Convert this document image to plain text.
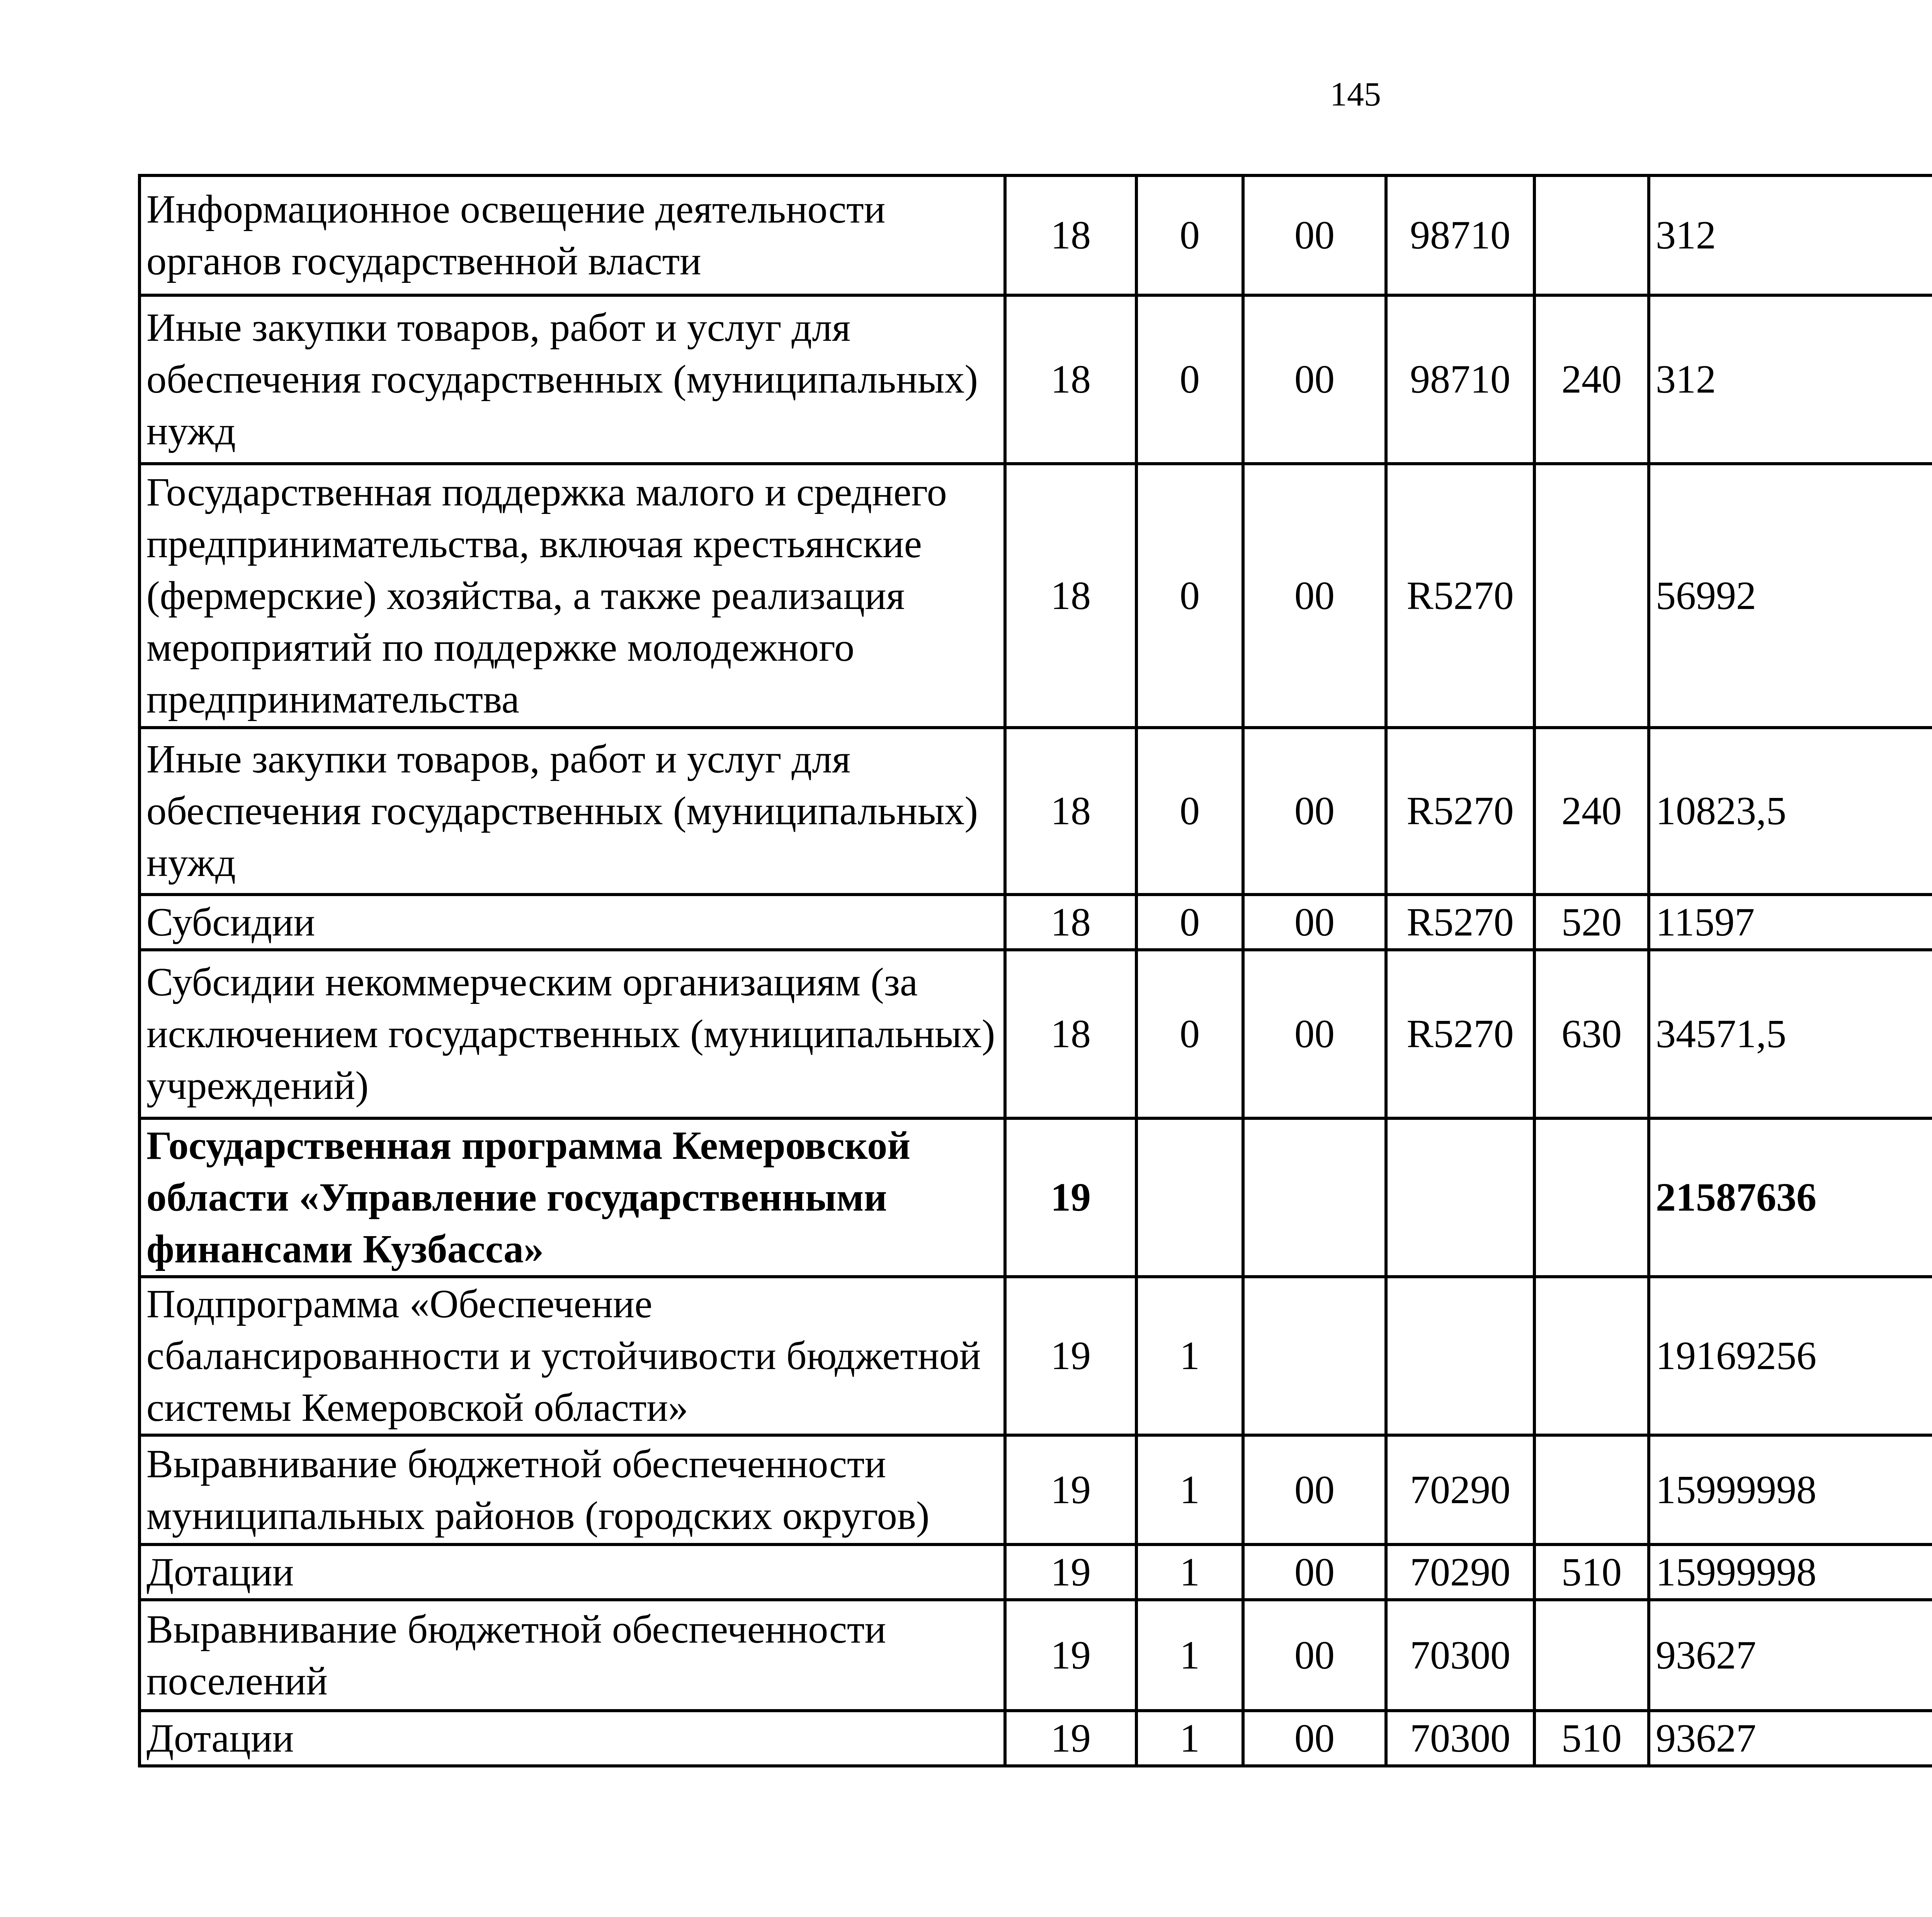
145
Информационное освещение деятельности органов государственной власти	18	0	00	98710		312		
Иные закупки товаров, работ и услуг для обеспечения государственных (муниципальных) нужд	18	0	00	98710	240	312		
Государственная поддержка малого и среднего предпринимательства, включая крестьянские (фермерские) хозяйства, а также реализация мероприятий по поддержке молодежного предпринимательства	18	0	00	R5270		56992		
Иные закупки товаров, работ и услуг для обеспечения государственных (муниципальных) нужд	18	0	00	R5270	240	10823,5		
Субсидии	18	0	00	R5270	520	11597		
Субсидии некоммерческим организациям (за исключением государственных (муниципальных) учреждений)	18	0	00	R5270	630	34571,5		
Государственная программа Кемеровской области «Управление государственными финансами Кузбасса»	19					21587636		
Подпрограмма «Обеспечение сбалансированности и устойчивости бюджетной системы Кемеровской области»	19	1				19169256		
Выравнивание бюджетной обеспеченности муниципальных районов (городских округов)	19	1	00	70290		15999998		
Дотации	19	1	00	70290	510	15999998		
Выравнивание бюджетной обеспеченности поселений	19	1	00	70300		93627		
Дотации	19	1	00	70300	510	93627		
